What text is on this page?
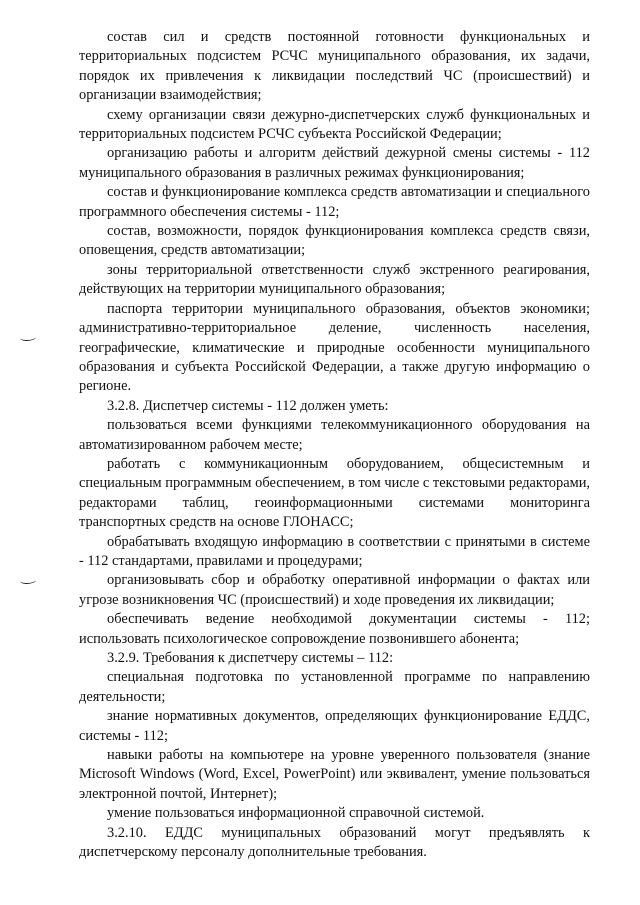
состав сил и средств постоянной готовности функциональных и территориальных подсистем РСЧС муниципального образования, их задачи, порядок их привлечения к ликвидации последствий ЧС (происшествий) и организации взаимодействия;

схему организации связи дежурно-диспетчерских служб функциональных и территориальных подсистем РСЧС субъекта Российской Федерации;

организацию работы и алгоритм действий дежурной смены системы - 112 муниципального образования в различных режимах функционирования;

состав и функционирование комплекса средств автоматизации и специального программного обеспечения системы - 112;

состав, возможности, порядок функционирования комплекса средств связи, оповещения, средств автоматизации;

зоны территориальной ответственности служб экстренного реагирования, действующих на территории муниципального образования;

паспорта территории муниципального образования, объектов экономики; административно-территориальное деление, численность населения, географические, климатические и природные особенности муниципального образования и субъекта Российской Федерации, а также другую информацию о регионе.

3.2.8. Диспетчер системы - 112 должен уметь:

пользоваться всеми функциями телекоммуникационного оборудования на автоматизированном рабочем месте;

работать с коммуникационным оборудованием, общесистемным и специальным программным обеспечением, в том числе с текстовыми редакторами, редакторами таблиц, геоинформационными системами мониторинга транспортных средств на основе ГЛОНАСС;

обрабатывать входящую информацию в соответствии с принятыми в системе - 112 стандартами, правилами и процедурами;

организовывать сбор и обработку оперативной информации о фактах или угрозе возникновения ЧС (происшествий) и ходе проведения их ликвидации;

обеспечивать ведение необходимой документации системы - 112; использовать психологическое сопровождение позвонившего абонента;

3.2.9. Требования к диспетчеру системы – 112:

специальная подготовка по установленной программе по направлению деятельности;

знание нормативных документов, определяющих функционирование ЕДДС, системы - 112;

навыки работы на компьютере на уровне уверенного пользователя (знание Microsoft Windows (Word, Excel, PowerPoint) или эквивалент, умение пользоваться электронной почтой, Интернет);

умение пользоваться информационной справочной системой.

3.2.10. ЕДДС муниципальных образований могут предъявлять к диспетчерскому персоналу дополнительные требования.
